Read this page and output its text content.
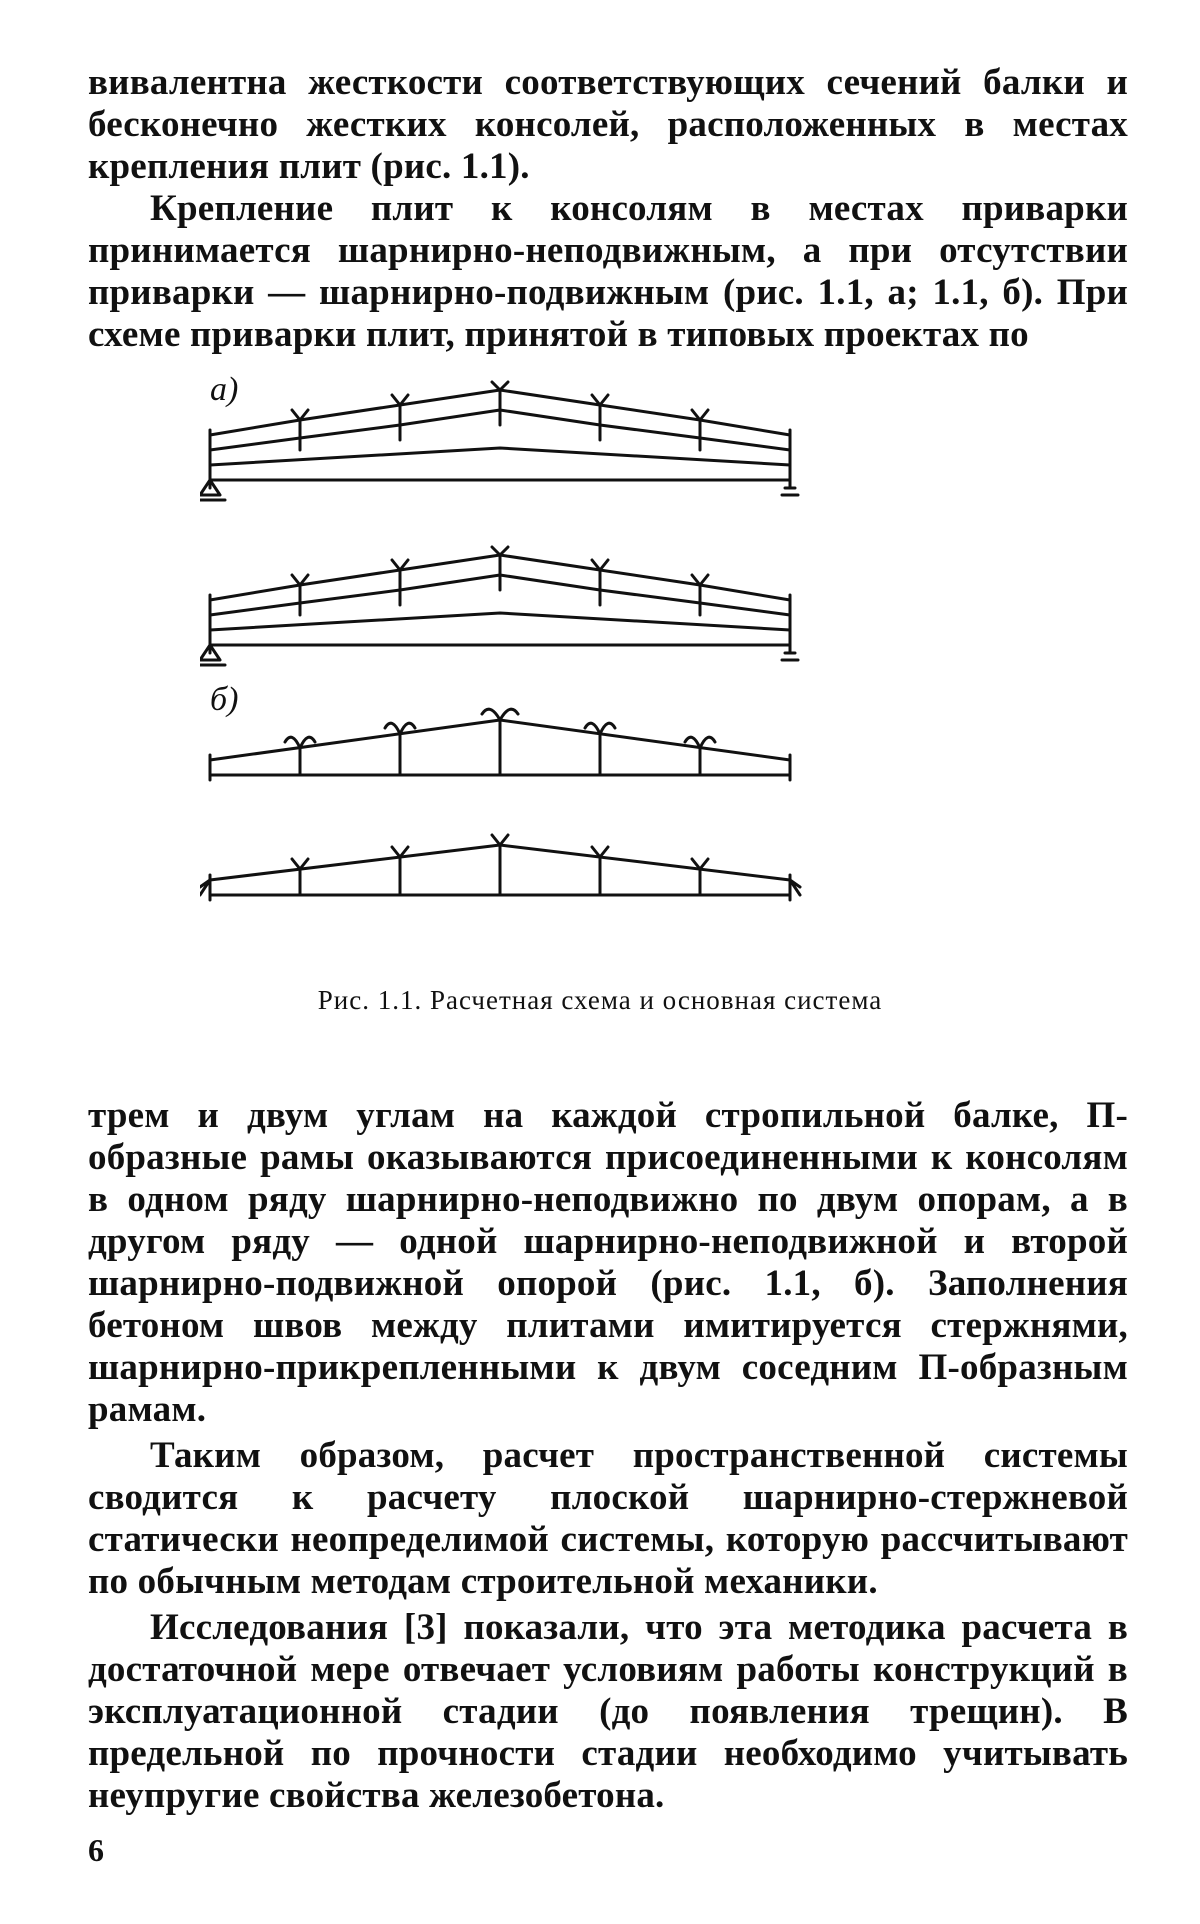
вивалентна жесткости соответствующих сечений балки и бесконечно жестких консолей, расположенных в местах крепления плит (рис. 1.1).

Крепление плит к консолям в местах приварки принимается шарнирно-неподвижным, а при отсутствии приварки — шарнирно-подвижным (рис. 1.1, а; 1.1, б). При схеме приварки плит, принятой в типовых проектах по

а)
б)
Рис. 1.1. Расчетная схема и основная система

трем и двум углам на каждой стропильной балке, П-образные рамы оказываются присоединенными к консолям в одном ряду шарнирно-неподвижно по двум опорам, а в другом ряду — одной шарнирно-неподвижной и второй шарнирно-подвижной опорой (рис. 1.1, б). Заполнения бетоном швов между плитами имитируется стержнями, шарнирно-прикрепленными к двум соседним П-образным рамам.

Таким образом, расчет пространственной системы сводится к расчету плоской шарнирно-стержневой статически неопределимой системы, которую рассчитывают по обычным методам строительной механики.

Исследования [3] показали, что эта методика расчета в достаточной мере отвечает условиям работы конструкций в эксплуатационной стадии (до появления трещин). В предельной по прочности стадии необходимо учитывать неупругие свойства железобетона.

6
